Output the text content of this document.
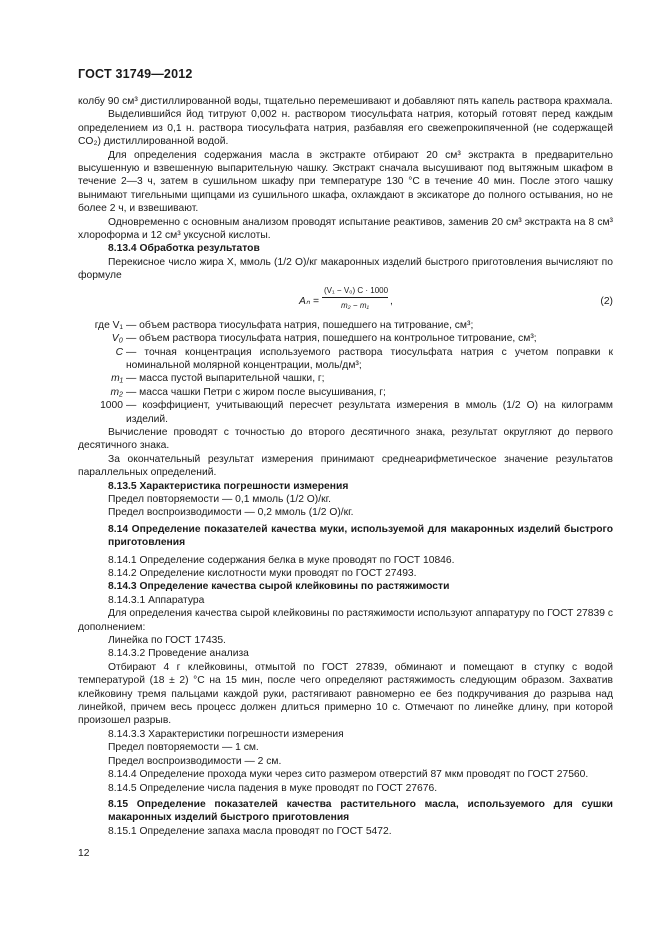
ГОСТ 31749—2012

колбу 90 см³ дистиллированной воды, тщательно перемешивают и добавляют пять капель раствора крахмала.

Выделившийся йод титруют 0,002 н. раствором тиосульфата натрия, который готовят перед каждым определением из 0,1 н. раствора тиосульфата натрия, разбавляя его свежепрокипяченной (не содержащей CO₂) дистиллированной водой.

Для определения содержания масла в экстракте отбирают 20 см³ экстракта в предварительно высушенную и взвешенную выпарительную чашку. Экстракт сначала высушивают под вытяжным шкафом в течение 2—3 ч, затем в сушильном шкафу при температуре 130 °С в течение 40 мин. После этого чашку вынимают тигельными щипцами из сушильного шкафа, охлаждают в эксикаторе до полного остывания, но не более 2 ч, и взвешивают.

Одновременно с основным анализом проводят испытание реактивов, заменив 20 см³ экстракта на 8 см³ хлороформа и 12 см³ уксусной кислоты.

8.13.4 Обработка результатов

Перекисное число жира X, ммоль (1/2 О)/кг макаронных изделий быстрого приготовления вычисляют по формуле

$A_n = \frac{\text{(V₁ − V₀) C · 1000}}{\text{m₂ − m₁}}$ ,	(2)
где V₁ — объем раствора тиосульфата натрия, пошедшего на титрование, см³;
V₀ — объем раствора тиосульфата натрия, пошедшего на контрольное титрование, см³;
C — точная концентрация используемого раствора тиосульфата натрия с учетом поправки к номинальной молярной концентрации, моль/дм³;
m₁ — масса пустой выпарительной чашки, г;
m₂ — масса чашки Петри с жиром после высушивания, г;
1000 — коэффициент, учитывающий пересчет результата измерения в ммоль (1/2 О) на килограмм изделий.

Вычисление проводят с точностью до второго десятичного знака, результат округляют до первого десятичного знака.

За окончательный результат измерения принимают среднеарифметическое значение результатов параллельных определений.

8.13.5 Характеристика погрешности измерения

Предел повторяемости — 0,1 ммоль (1/2 О)/кг.

Предел воспроизводимости — 0,2 ммоль (1/2 О)/кг.

8.14 Определение показателей качества муки, используемой для макаронных изделий быстрого приготовления

8.14.1 Определение содержания белка в муке проводят по ГОСТ 10846.

8.14.2 Определение кислотности муки проводят по ГОСТ 27493.

8.14.3 Определение качества сырой клейковины по растяжимости

8.14.3.1 Аппаратура

Для определения качества сырой клейковины по растяжимости используют аппаратуру по ГОСТ 27839 с дополнением:

Линейка по ГОСТ 17435.

8.14.3.2 Проведение анализа

Отбирают 4 г клейковины, отмытой по ГОСТ 27839, обминают и помещают в ступку с водой температурой (18 ± 2) °С на 15 мин, после чего определяют растяжимость следующим образом. Захватив клейковину тремя пальцами каждой руки, растягивают равномерно ее без подкручивания до разрыва над линейкой, причем весь процесс должен длиться примерно 10 с. Отмечают по линейке длину, при которой произошел разрыв.

8.14.3.3 Характеристики погрешности измерения

Предел повторяемости — 1 см.

Предел воспроизводимости — 2 см.

8.14.4 Определение прохода муки через сито размером отверстий 87 мкм проводят по ГОСТ 27560.

8.14.5 Определение числа падения в муке проводят по ГОСТ 27676.

8.15 Определение показателей качества растительного масла, используемого для сушки макаронных изделий быстрого приготовления

8.15.1 Определение запаха масла проводят по ГОСТ 5472.

12
